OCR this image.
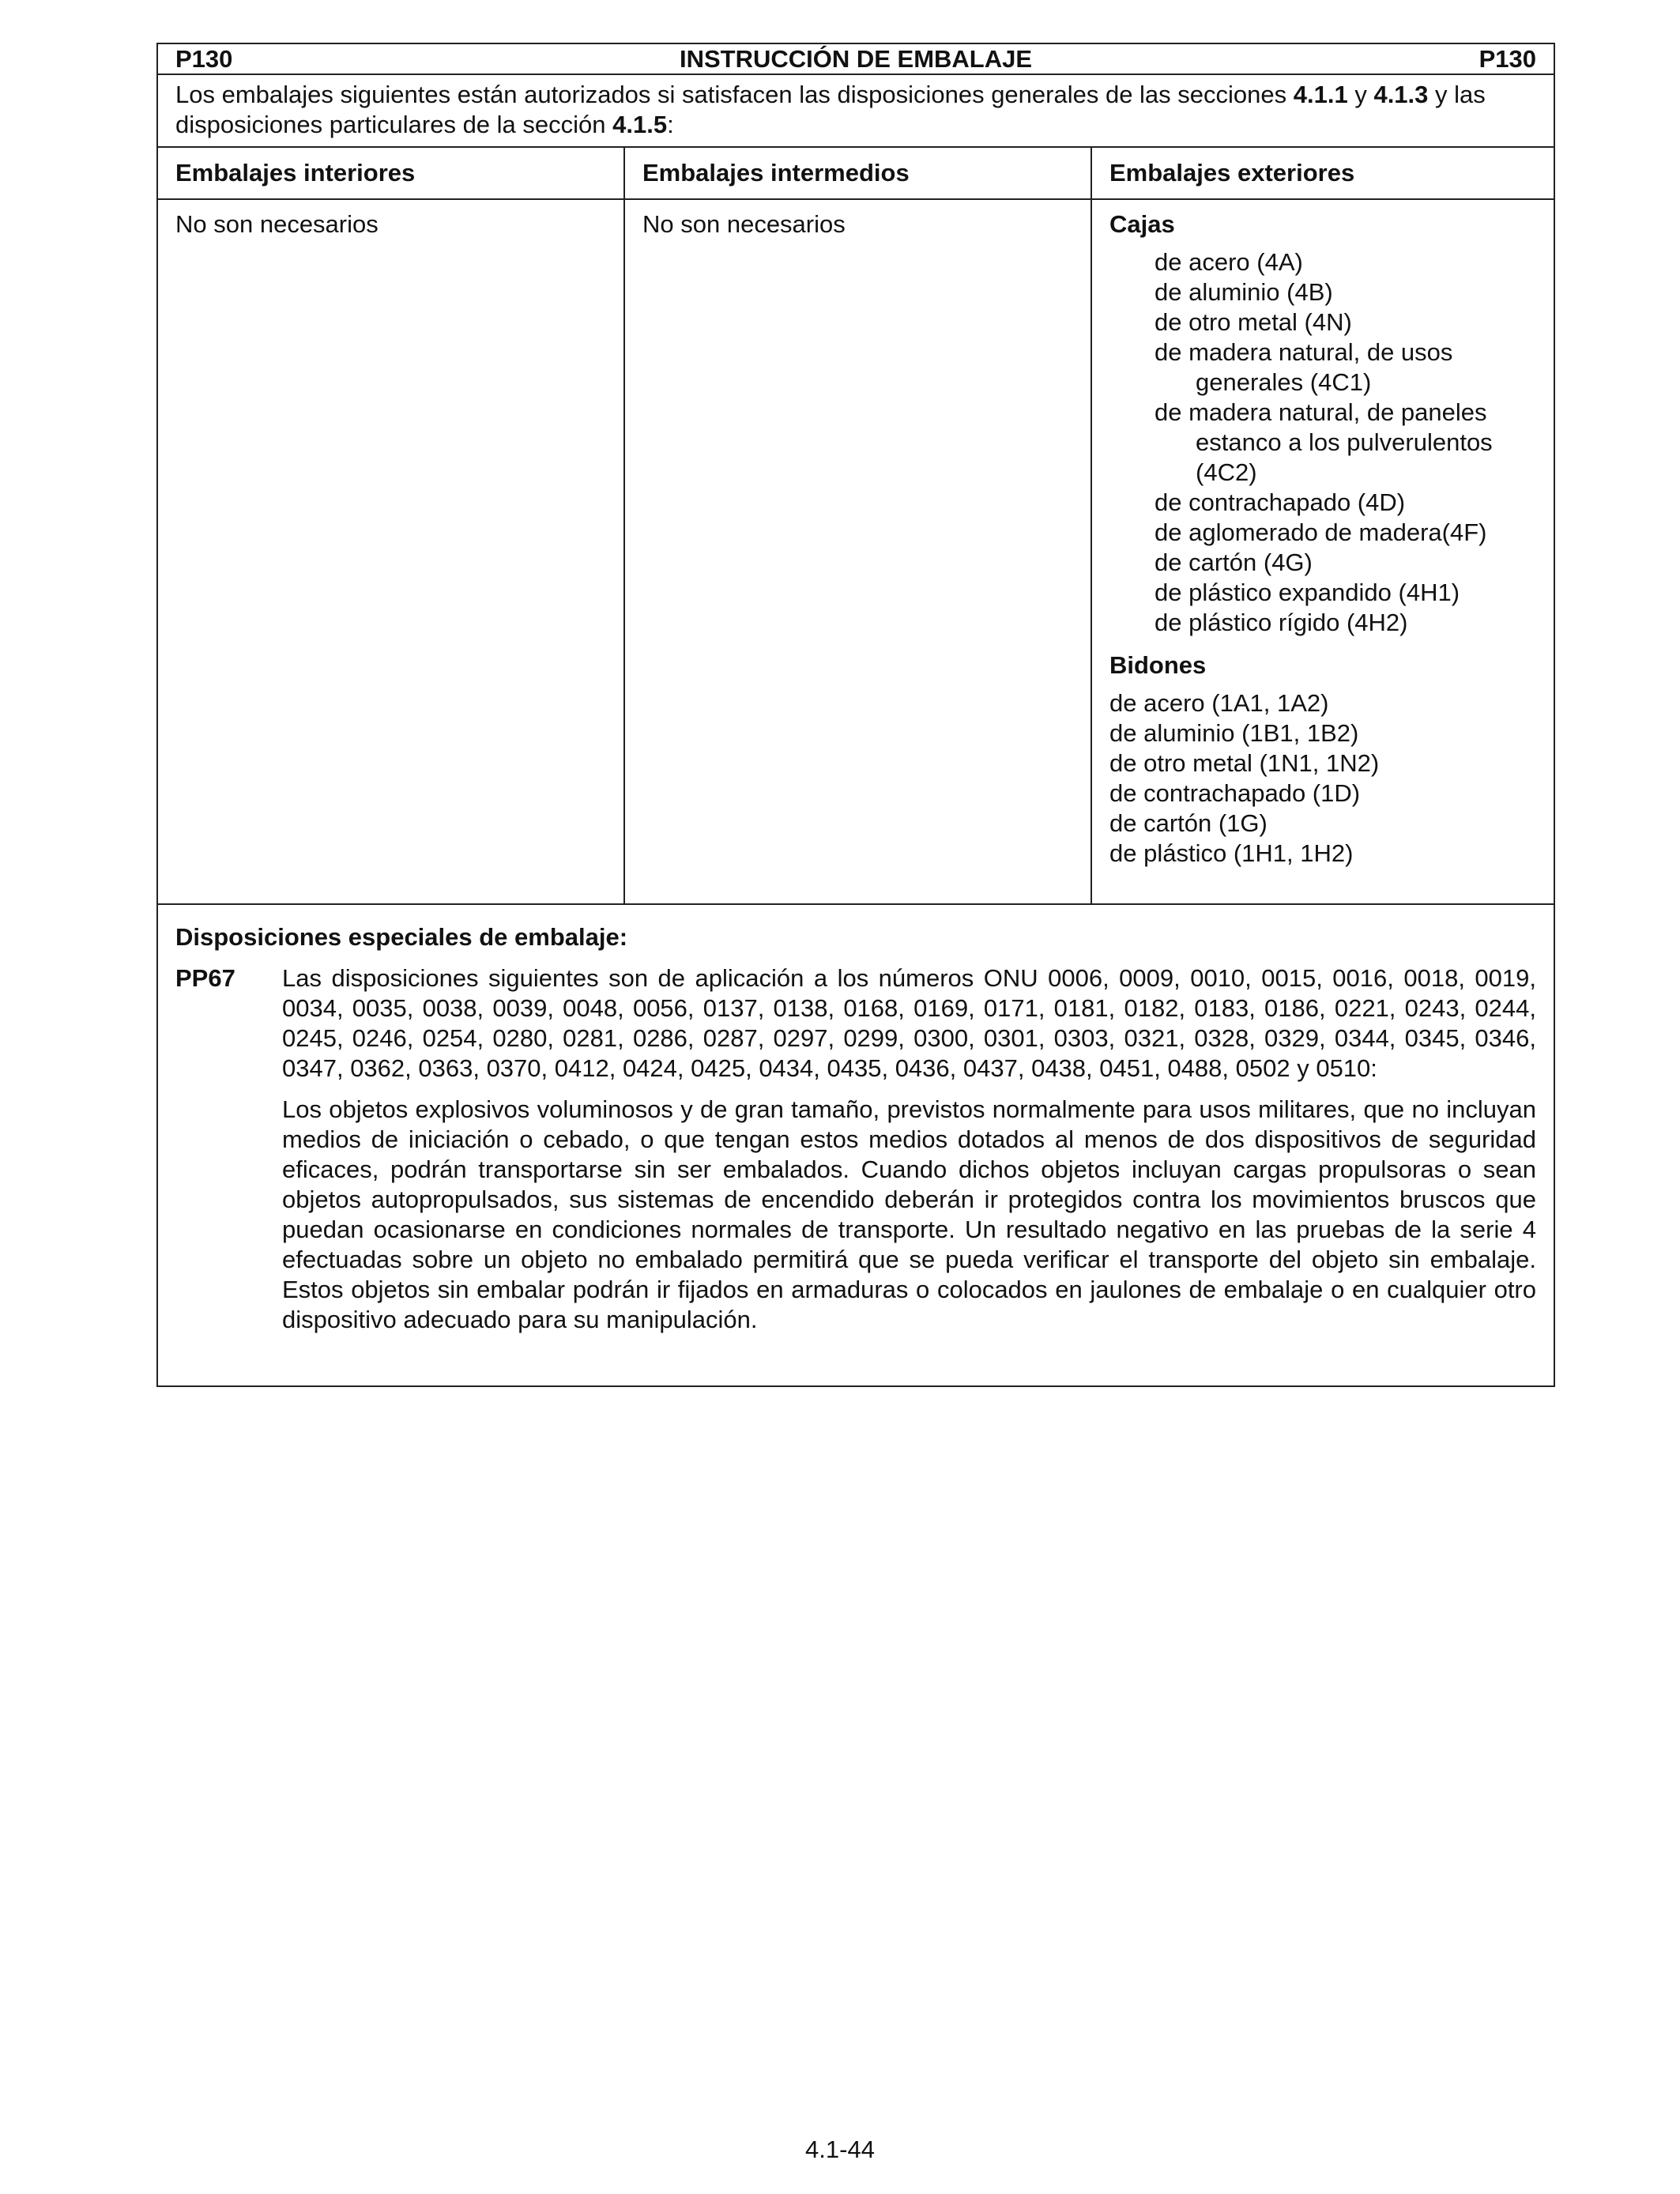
P130	INSTRUCCIÓN DE EMBALAJE	P130
Los embalajes siguientes están autorizados si satisfacen las disposiciones generales de las secciones 4.1.1 y 4.1.3 y las disposiciones particulares de la sección 4.1.5:
Embalajes interiores	Embalajes intermedios	Embalajes exteriores
No son necesarios	No son necesarios	Cajas
de acero (4A)
de aluminio (4B)
de otro metal (4N)
de madera natural, de usos generales (4C1)
de madera natural, de paneles estanco a los pulverulentos (4C2)
de contrachapado (4D)
de aglomerado de madera(4F)
de cartón (4G)
de plástico expandido (4H1)
de plástico rígido (4H2)
Bidones
de acero (1A1, 1A2)
de aluminio (1B1, 1B2)
de otro metal (1N1, 1N2)
de contrachapado (1D)
de cartón (1G)
de plástico (1H1, 1H2)
Disposiciones especiales de embalaje:
PP67	Las disposiciones siguientes son de aplicación a los números ONU 0006, 0009, 0010, 0015, 0016, 0018, 0019, 0034, 0035, 0038, 0039, 0048, 0056, 0137, 0138, 0168, 0169, 0171, 0181, 0182, 0183, 0186, 0221, 0243, 0244, 0245, 0246, 0254, 0280, 0281, 0286, 0287, 0297, 0299, 0300, 0301, 0303, 0321, 0328, 0329, 0344, 0345, 0346, 0347, 0362, 0363, 0370, 0412, 0424, 0425, 0434, 0435, 0436, 0437, 0438, 0451, 0488, 0502 y 0510:

Los objetos explosivos voluminosos y de gran tamaño, previstos normalmente para usos militares, que no incluyan medios de iniciación o cebado, o que tengan estos medios dotados al menos de dos dispositivos de seguridad eficaces, podrán transportarse sin ser embalados. Cuando dichos objetos incluyan cargas propulsoras o sean objetos autopropulsados, sus sistemas de encendido deberán ir protegidos contra los movimientos bruscos que puedan ocasionarse en condiciones normales de transporte. Un resultado negativo en las pruebas de la serie 4 efectuadas sobre un objeto no embalado permitirá que se pueda verificar el transporte del objeto sin embalaje. Estos objetos sin embalar podrán ir fijados en armaduras o colocados en jaulones de embalaje o en cualquier otro dispositivo adecuado para su manipulación.

4.1-44
